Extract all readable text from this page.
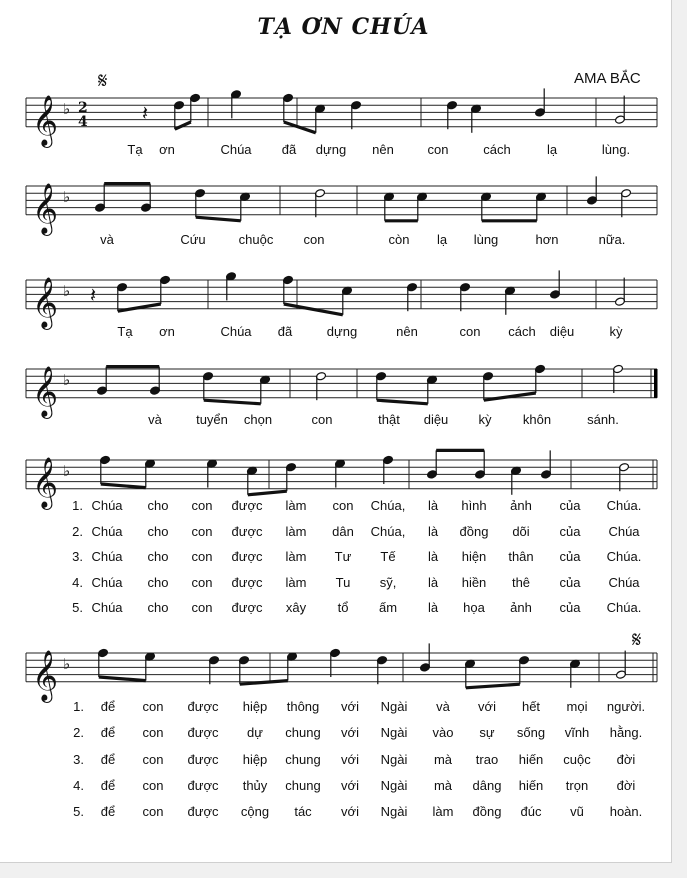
TẠ ƠN CHÚA
AMA BẮC
𝄞 ♭ 2
4
𝄋
𝄽
𝄞 ♭
𝄞 ♭ 𝄽
𝄞 ♭
𝄞 ♭
𝄞 ♭
𝄋
Tạ ơn	Chúa đã dựng nên	con	cách	lạ	lùng.
và	Cứu	chuộc con	còn lạ lùng	hơn	nữa.
Tạ ơn	Chúa đã	dựng	nên	con cách diệu	kỳ
và	tuyển chọn	con	thật diệu kỳ khôn	sánh.
Chúa cho con được làm con Chúa, là hình ảnh của Chúa.
1.
Chúa cho con được làm dân Chúa, là đồng dõi của Chúa
2.
Chúa cho con được làm Tư Tế là hiện thân của Chúa.
3.
Chúa cho con được làm Tu sỹ, là hiền thê của Chúa
4.
Chúa cho con được xây tổ ấm là họa ảnh của Chúa.
5.
để con được hiệp thông với Ngài và với hết mọi người.
1.
để con được dự chung với Ngài vào sự sống vĩnh hằng.
2.
để con được hiệp chung với Ngài mà trao hiến cuộc đời
3.
để con được thủy chung với Ngài mà dâng hiến trọn đời
4.
để con được cộng tác với Ngài làm đồng đúc vũ hoàn.
5.
